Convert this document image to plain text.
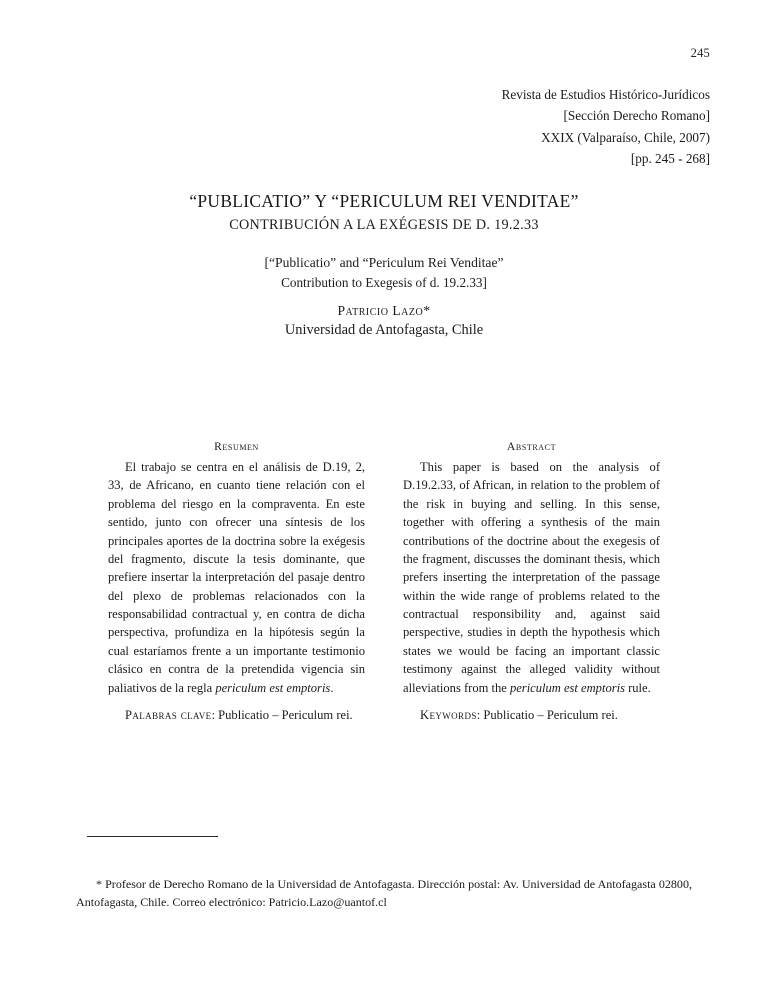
245
Revista de Estudios Histórico-Jurídicos
[Sección Derecho Romano]
XXIX (Valparaíso, Chile, 2007)
[pp. 245 - 268]
“PUBLICATIO” Y “PERICULUM REI VENDITAE”
CONTRIBUCIÓN A LA EXÉGESIS DE D. 19.2.33
[“Publicatio” and “Periculum Rei Venditae”
Contribution to Exegesis of d. 19.2.33]
Patricio Lazo*
Universidad de Antofagasta, Chile
Resumen

El trabajo se centra en el análisis de D.19, 2, 33, de Africano, en cuanto tiene relación con el problema del riesgo en la compraventa. En este sentido, junto con ofrecer una síntesis de los principales aportes de la doctrina sobre la exégesis del fragmento, discute la tesis dominante, que prefiere insertar la interpretación del pasaje dentro del plexo de problemas relacionados con la responsabilidad contractual y, en contra de dicha perspectiva, profundiza en la hipótesis según la cual estaríamos frente a un importante testimonio clásico en contra de la pretendida vigencia sin paliativos de la regla periculum est emptoris.

Palabras clave: Publicatio – Periculum rei.

Abstract

This paper is based on the analysis of D.19.2.33, of African, in relation to the problem of the risk in buying and selling. In this sense, together with offering a synthesis of the main contributions of the doctrine about the exegesis of the fragment, discusses the dominant thesis, which prefers inserting the interpretation of the passage within the wide range of problems related to the contractual responsibility and, against said perspective, studies in depth the hypothesis which states we would be facing an important classic testimony against the alleged validity without alleviations from the periculum est emptoris rule.

Keywords: Publicatio – Periculum rei.

* Profesor de Derecho Romano de la Universidad de Antofagasta. Dirección postal: Av. Universidad de Antofagasta 02800, Antofagasta, Chile. Correo electrónico: Patricio.Lazo@uantof.cl
